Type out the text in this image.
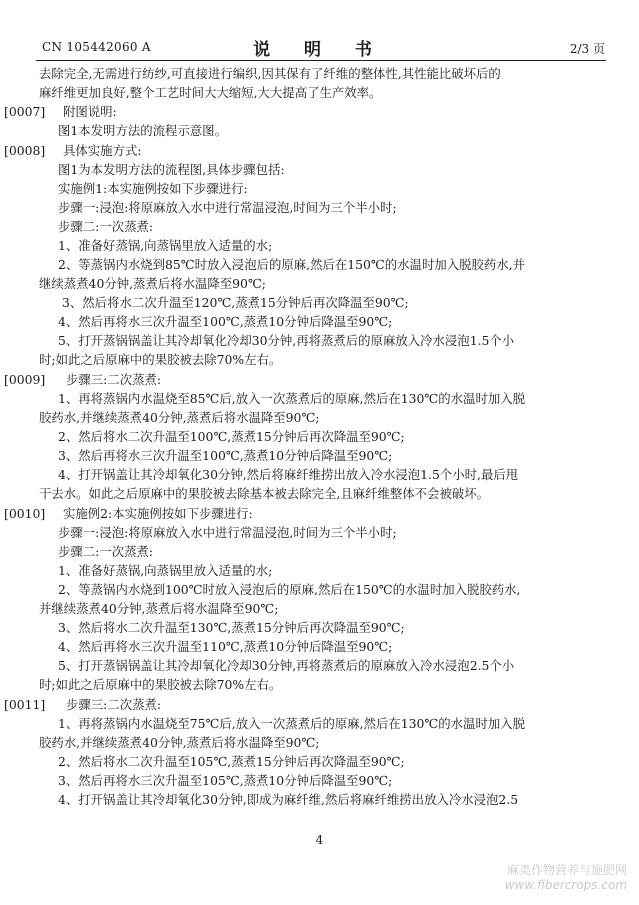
CN 105442060 A	说 明 书	2/3 页
去除完全,无需进行纺纱,可直接进行编织,因其保有了纤维的整体性,其性能比破坏后的
麻纤维更加良好,整个工艺时间大大缩短,大大提高了生产效率。
[0007] 附图说明:
图1本发明方法的流程示意图。
[0008] 具体实施方式:
图1为本发明方法的流程图,具体步骤包括:
实施例1:本实施例按如下步骤进行:
步骤一:浸泡:将原麻放入水中进行常温浸泡,时间为三个半小时;
步骤二:一次蒸煮:
1、准备好蒸锅,向蒸锅里放入适量的水;
2、等蒸锅内水烧到85℃时放入浸泡后的原麻,然后在150℃的水温时加入脱胶药水,并
继续蒸煮40分钟,蒸煮后将水温降至90℃;
3、然后将水二次升温至120℃,蒸煮15分钟后再次降温至90℃;
4、然后再将水三次升温至100℃,蒸煮10分钟后降温至90℃;
5、打开蒸锅锅盖让其冷却氧化冷却30分钟,再将蒸煮后的原麻放入冷水浸泡1.5个小
时;如此之后原麻中的果胶被去除70%左右。
[0009] 步骤三:二次蒸煮:
1、再将蒸锅内水温烧至85℃后,放入一次蒸煮后的原麻,然后在130℃的水温时加入脱
胶药水,并继续蒸煮40分钟,蒸煮后将水温降至90℃;
2、然后将水二次升温至100℃,蒸煮15分钟后再次降温至90℃;
3、然后再将水三次升温至100℃,蒸煮10分钟后降温至90℃;
4、打开锅盖让其冷却氧化30分钟,然后将麻纤维捞出放入冷水浸泡1.5个小时,最后甩
干去水。如此之后原麻中的果胶被去除基本被去除完全,且麻纤维整体不会被破坏。
[0010] 实施例2:本实施例按如下步骤进行:
步骤一:浸泡:将原麻放入水中进行常温浸泡,时间为三个半小时;
步骤二:一次蒸煮:
1、准备好蒸锅,向蒸锅里放入适量的水;
2、等蒸锅内水烧到100℃时放入浸泡后的原麻,然后在150℃的水温时加入脱胶药水,
并继续蒸煮40分钟,蒸煮后将水温降至90℃;
3、然后将水二次升温至130℃,蒸煮15分钟后再次降温至90℃;
4、然后再将水三次升温至110℃,蒸煮10分钟后降温至90℃;
5、打开蒸锅锅盖让其冷却氧化冷却30分钟,再将蒸煮后的原麻放入冷水浸泡2.5个小
时;如此之后原麻中的果胶被去除70%左右。
[0011] 步骤三:二次蒸煮:
1、再将蒸锅内水温烧至75℃后,放入一次蒸煮后的原麻,然后在130℃的水温时加入脱
胶药水,并继续蒸煮40分钟,蒸煮后将水温降至90℃;
2、然后将水二次升温至105℃,蒸煮15分钟后再次降温至90℃;
3、然后再将水三次升温至105℃,蒸煮10分钟后降温至90℃;
4、打开锅盖让其冷却氧化30分钟,即成为麻纤维,然后将麻纤维捞出放入冷水浸泡2.5
4
麻类作物营养与施肥网
www.fibercrops.com
